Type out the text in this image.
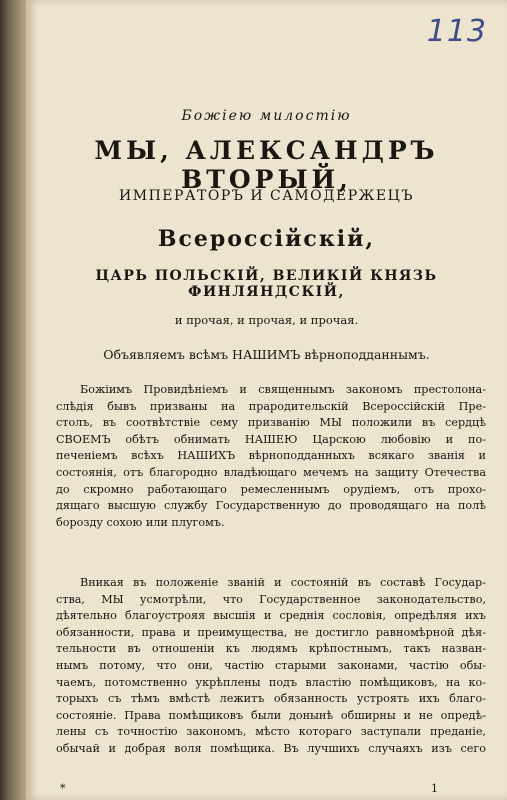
113
Божiею милостiю
МЫ, АЛЕКСАНДРЪ ВТОРЫЙ,
ИМПЕРАТОРЪ И САМОДЕРЖЕЦЪ
Всероссiйскiй,
ЦАРЬ ПОЛЬСКIЙ, ВЕЛИКIЙ КНЯЗЬ ФИНЛЯНДСКIЙ,
и прочая, и прочая, и прочая.
Объявляемъ всѣмъ НАШИМЪ вѣрноподданнымъ.
Божiимъ Провидѣнiемъ и священнымъ закономъ престолона-
слѣдiя бывъ призваны на прародительскiй Всероссiйскiй Пре-
столъ, въ соотвѣтствiе сему призванiю МЫ положили въ сердцѣ
СВОЕМЪ обѣтъ обнимать НАШЕЮ Царскою любовiю и по-
печенiемъ всѣхъ НАШИХЪ вѣрноподданныхъ всякаго званiя и
состоянiя, отъ благородно владѣющаго мечемъ на защиту Отечества
до скромно работающаго ремесленнымъ орудiемъ, отъ прохо-
дящаго высшую службу Государственную до проводящаго на полѣ
борозду сохою или плугомъ.
Вникая въ положенiе званiй и состоянiй въ составѣ Государ-
ства, МЫ усмотрѣли, что Государственное законодательство,
дѣятельно благоустрояя высшiя и среднiя сословiя, опредѣляя ихъ
обязанности, права и преимущества, не достигло равномѣрной дѣя-
тельности въ отношенiи къ людямъ крѣпостнымъ, такъ назван-
нымъ потому, что они, частiю старыми законами, частiю обы-
чаемъ, потомственно укрѣплены подъ властiю помѣщиковъ, на ко-
торыхъ съ тѣмъ вмѣстѣ лежитъ обязанность устроять ихъ благо-
состоянiе. Права помѣщиковъ были донынѣ обширны и не опредѣ-
лены съ точностiю закономъ, мѣсто котораго заступали преданiе,
обычай и добрая воля помѣщика. Въ лучшихъ случаяхъ изъ сего
*	1
